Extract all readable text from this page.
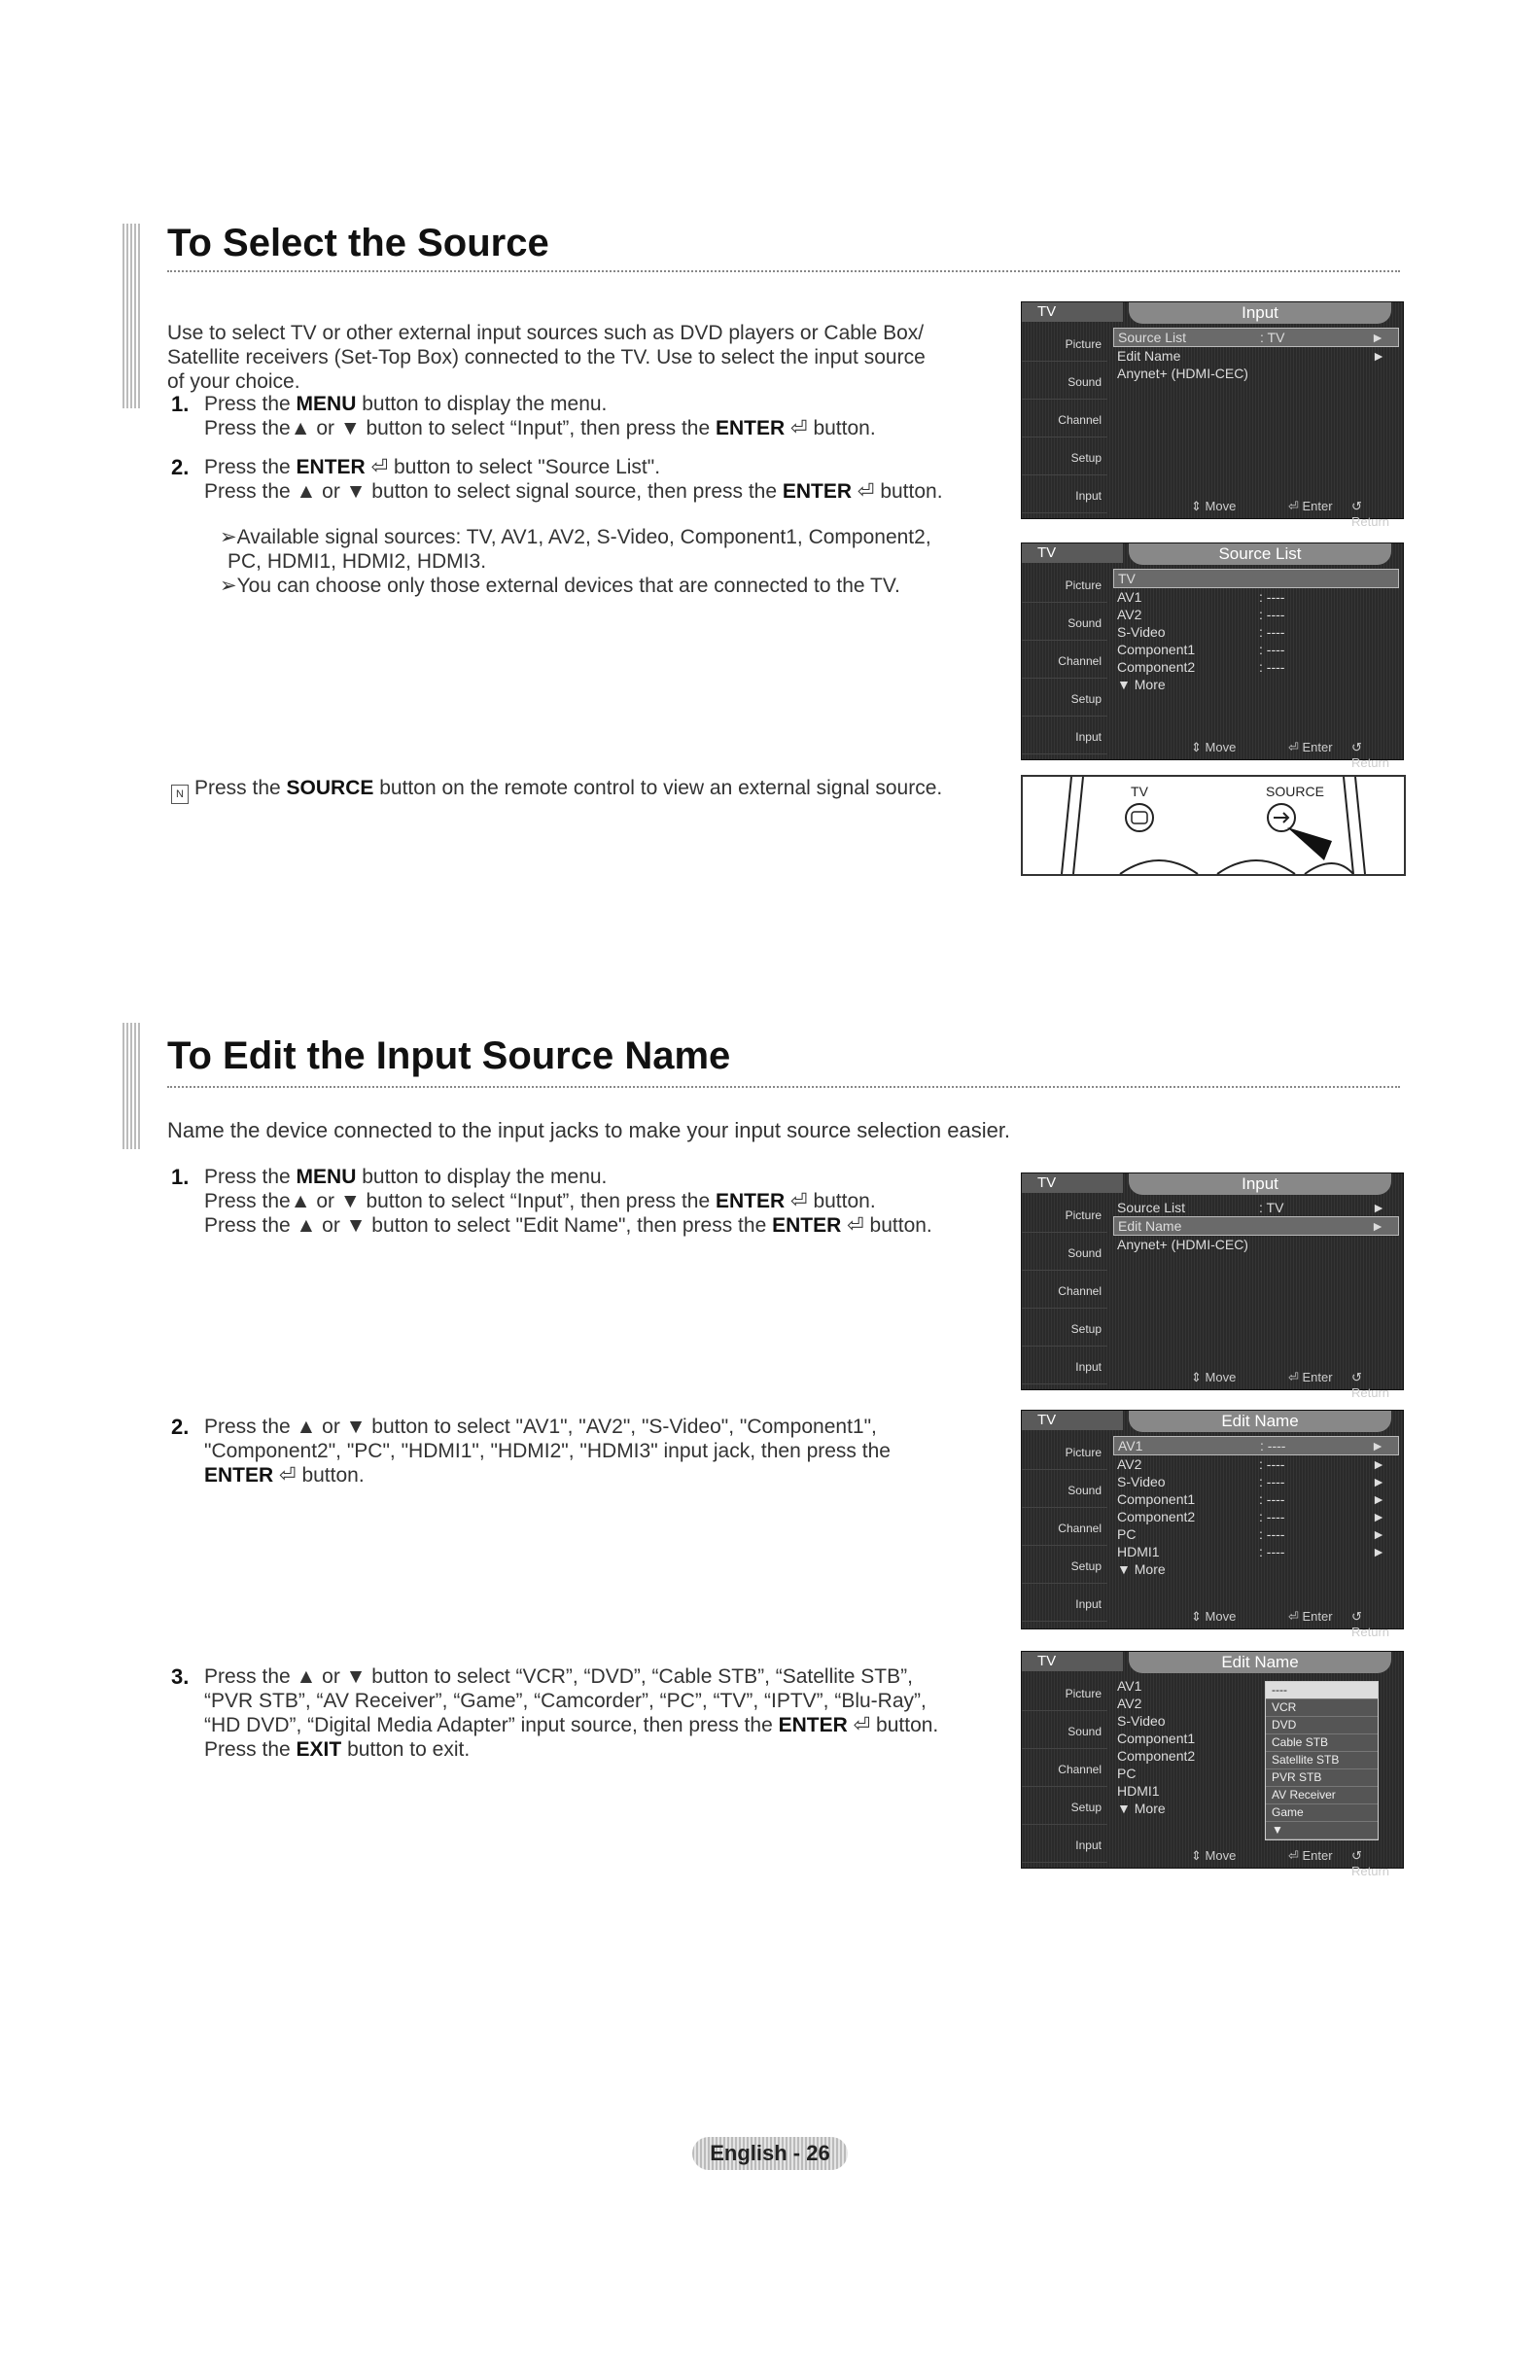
To Select the Source
Use to select TV or other external input sources such as DVD players or Cable Box/
Satellite receivers (Set-Top Box) connected to the TV. Use to select the input source
of your choice.
1. Press the MENU button to display the menu.
Press the▲ or ▼ button to select “Input”, then press the ENTER ⏎ button.
2. Press the ENTER ⏎ button to select "Source List".
Press the ▲ or ▼ button to select signal source, then press the ENTER ⏎ button.
➢Available signal sources: TV, AV1, AV2, S-Video, Component1, Component2,
PC, HDMI1, HDMI2, HDMI3.
➢You can choose only those external devices that are connected to the TV.
N Press the SOURCE button on the remote control to view an external signal source.
TV	Input
Picture
Sound
Channel
Setup
Input
Source List	: TV	►
Edit Name	►
Anynet+ (HDMI-CEC)
⇕ Move	⏎ Enter ↺ Return
TV	Source List
Picture
Sound
Channel
Setup
Input
TV
AV1	: ----
AV2	: ----
S-Video	: ----
Component1	: ----
Component2	: ----
▼ More
⇕ Move	⏎ Enter ↺ Return
TV	SOURCE
To Edit the Input Source Name
Name the device connected to the input jacks to make your input source selection easier.
1. Press the MENU button to display the menu.
Press the▲ or ▼ button to select “Input”, then press the ENTER ⏎ button.
Press the ▲ or ▼ button to select "Edit Name", then press the ENTER ⏎ button.
2. Press the ▲ or ▼ button to select "AV1", "AV2", "S-Video", "Component1",
"Component2", "PC", "HDMI1", "HDMI2", "HDMI3" input jack, then press the
ENTER ⏎ button.
3. Press the ▲ or ▼ button to select “VCR”, “DVD”, “Cable STB”, “Satellite STB”,
“PVR STB”, “AV Receiver”, “Game”, “Camcorder”, “PC”, “TV”, “IPTV”, “Blu-Ray”,
“HD DVD”, “Digital Media Adapter” input source, then press the ENTER ⏎ button.
Press the EXIT button to exit.
TV	Input
Picture
Sound
Channel
Setup
Input
Source List	: TV	►
Edit Name	►
Anynet+ (HDMI-CEC)
⇕ Move	⏎ Enter ↺ Return
TV	Edit Name
Picture
Sound
Channel
Setup
Input
AV1	: ----	►
AV2	: ----	►
S-Video	: ----	►
Component1	: ----	►
Component2	: ----	►
PC	: ----	►
HDMI1	: ----	►
▼ More
⇕ Move	⏎ Enter ↺ Return
TV	Edit Name
Picture
Sound
Channel
Setup
Input
AV1
AV2
S-Video
Component1
Component2
PC
HDMI1
▼ More
⇕ Move	⏎ Enter ↺ Return
----
VCR
DVD
Cable STB
Satellite STB
PVR STB
AV Receiver
Game
▼
English - 26
